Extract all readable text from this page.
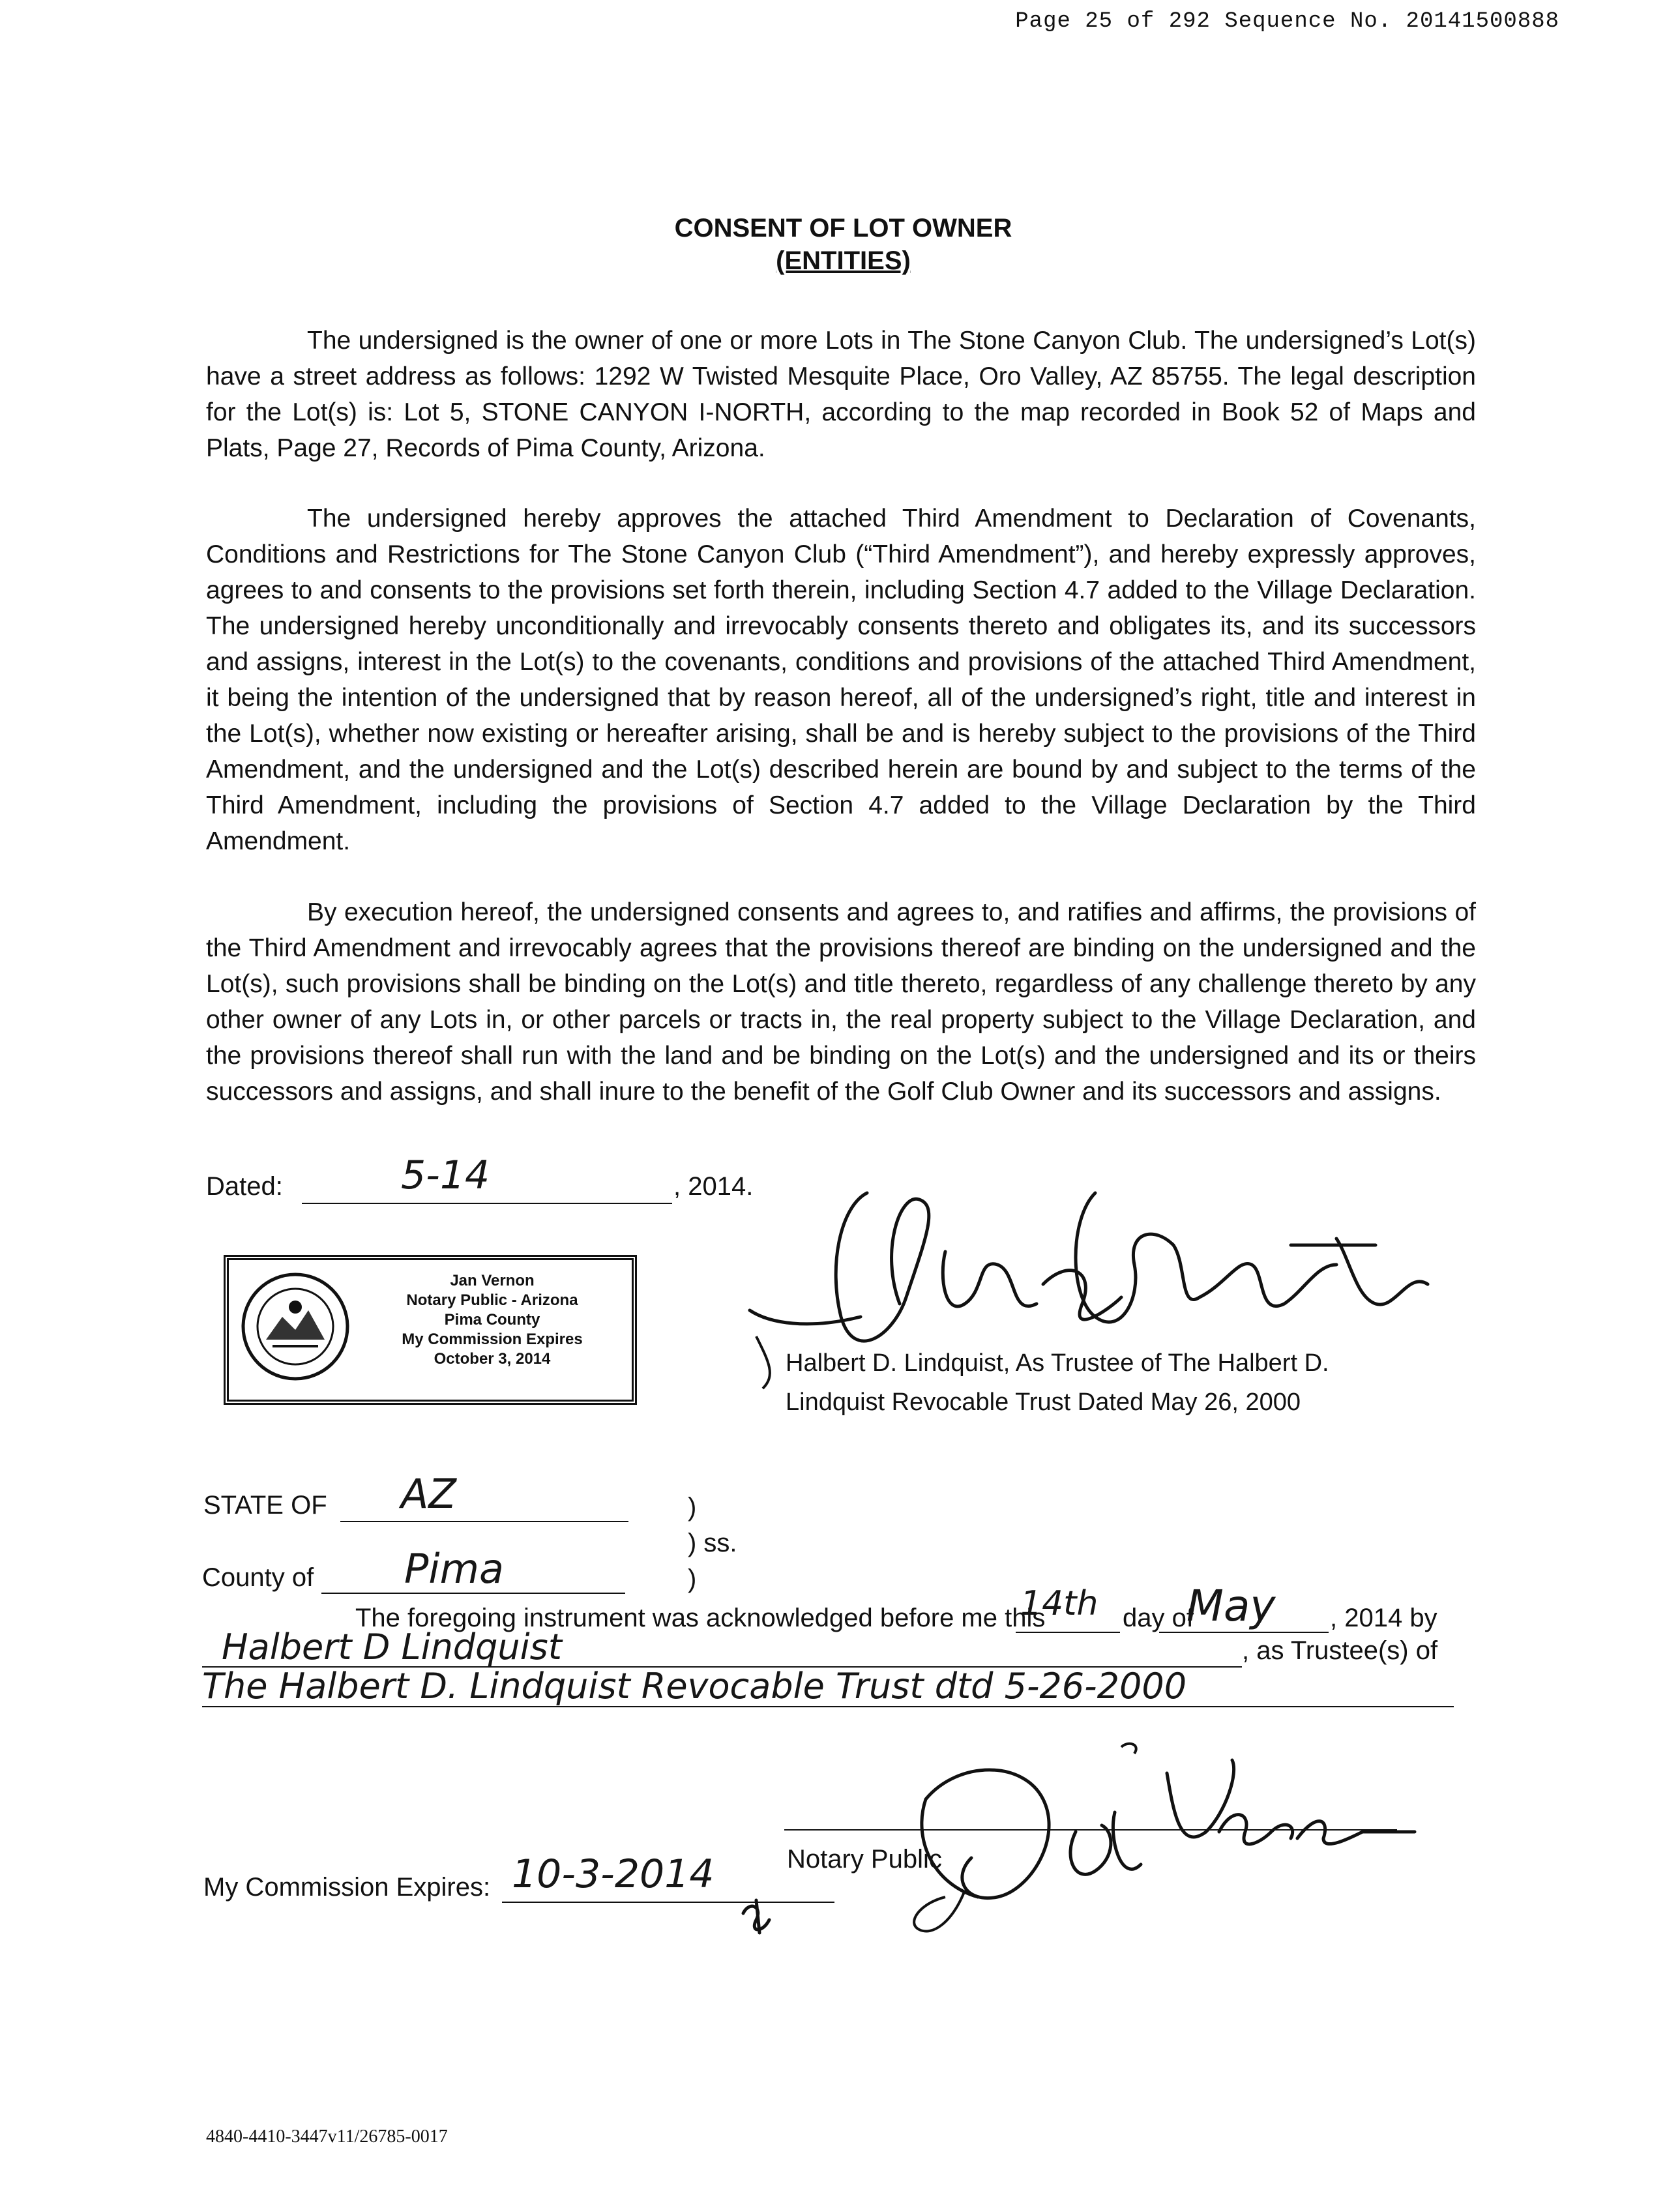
Page 25 of 292 Sequence No. 20141500888
CONSENT OF LOT OWNER
(ENTITIES)

The undersigned is the owner of one or more Lots in The Stone Canyon Club. The undersigned’s Lot(s) have a street address as follows: 1292 W Twisted Mesquite Place, Oro Valley, AZ 85755. The legal description for the Lot(s) is: Lot 5, STONE CANYON I-NORTH, according to the map recorded in Book 52 of Maps and Plats, Page 27, Records of Pima County, Arizona.

The undersigned hereby approves the attached Third Amendment to Declaration of Covenants, Conditions and Restrictions for The Stone Canyon Club (“Third Amendment”), and hereby expressly approves, agrees to and consents to the provisions set forth therein, including Section 4.7 added to the Village Declaration. The undersigned hereby unconditionally and irrevocably consents thereto and obligates its, and its successors and assigns, interest in the Lot(s) to the covenants, conditions and provisions of the attached Third Amendment, it being the intention of the undersigned that by reason hereof, all of the undersigned’s right, title and interest in the Lot(s), whether now existing or hereafter arising, shall be and is hereby subject to the provisions of the Third Amendment, and the undersigned and the Lot(s) described herein are bound by and subject to the terms of the Third Amendment, including the provisions of Section 4.7 added to the Village Declaration by the Third Amendment.

By execution hereof, the undersigned consents and agrees to, and ratifies and affirms, the provisions of the Third Amendment and irrevocably agrees that the provisions thereof are binding on the undersigned and the Lot(s), such provisions shall be binding on the Lot(s) and title thereto, regardless of any challenge thereto by any other owner of any Lots in, or other parcels or tracts in, the real property subject to the Village Declaration, and the provisions thereof shall run with the land and be binding on the Lot(s) and the undersigned and its or theirs successors and assigns, and shall inure to the benefit of the Golf Club Owner and its successors and assigns.

Dated:	5-14	, 2014.
Jan Vernon
Notary Public - Arizona
Pima County
My Commission Expires
October 3, 2014	Halbert D. Lindquist, As Trustee of The Halbert D.
Lindquist Revocable Trust Dated May 26, 2000
STATE OF AZ	)
) ss.
)
County of Pima
The foregoing instrument was acknowledged before me this
14th day of
May , 2014 by
Halbert D Lindquist	, as Trustee(s) of
The Halbert D. Lindquist Revocable Trust dtd 5-26-2000
Notary Public
My Commission Expires: 10-3-2014
4840-4410-3447v11/26785-0017
